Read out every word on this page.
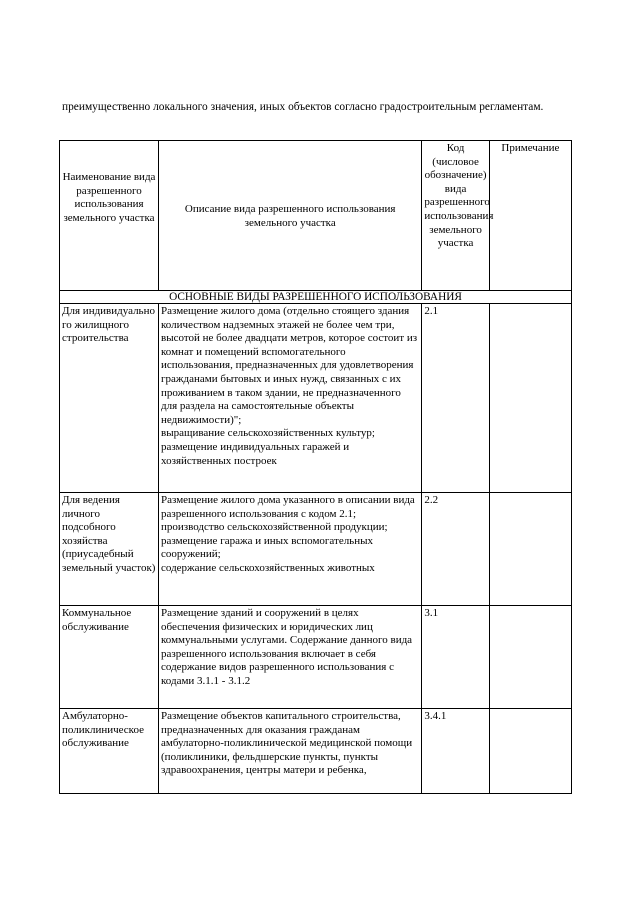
преимущественно локального значения, иных объектов согласно градостроительным регламентам.
Наименование вида разрешенного использования земельного участка	Описание вида разрешенного использования земельного участка	Код (числовое обозначение) вида разрешенного использования земельного участка	Примечание
ОСНОВНЫЕ ВИДЫ РАЗРЕШЕННОГО ИСПОЛЬЗОВАНИЯ			
Для индивидуально го жилищного строительства	Размещение жилого дома (отдельно стоящего здания количеством надземных этажей не более чем три, высотой не более двадцати метров, которое состоит из комнат и помещений вспомогательного использования, предназначенных для удовлетворения гражданами бытовых и иных нужд, связанных с их проживанием в таком здании, не предназначенного для раздела на самостоятельные объекты недвижимости)";
выращивание сельскохозяйственных культур;
размещение индивидуальных гаражей и хозяйственных построек	2.1	
Для ведения личного подсобного хозяйства (приусадебный земельный участок)	Размещение жилого дома указанного в описании вида разрешенного использования с кодом 2.1;
производство сельскохозяйственной продукции;
размещение гаража и иных вспомогательных сооружений;
содержание сельскохозяйственных животных	2.2	
Коммунальное обслуживание	Размещение зданий и сооружений в целях обеспечения физических и юридических лиц коммунальными услугами. Содержание данного вида разрешенного использования включает в себя содержание видов разрешенного использования с кодами 3.1.1 - 3.1.2	3.1	
Амбулаторно-поликлиническое обслуживание	Размещение объектов капитального строительства, предназначенных для оказания гражданам амбулаторно-поликлинической медицинской помощи (поликлиники, фельдшерские пункты, пункты здравоохранения, центры матери и ребенка,	3.4.1	
